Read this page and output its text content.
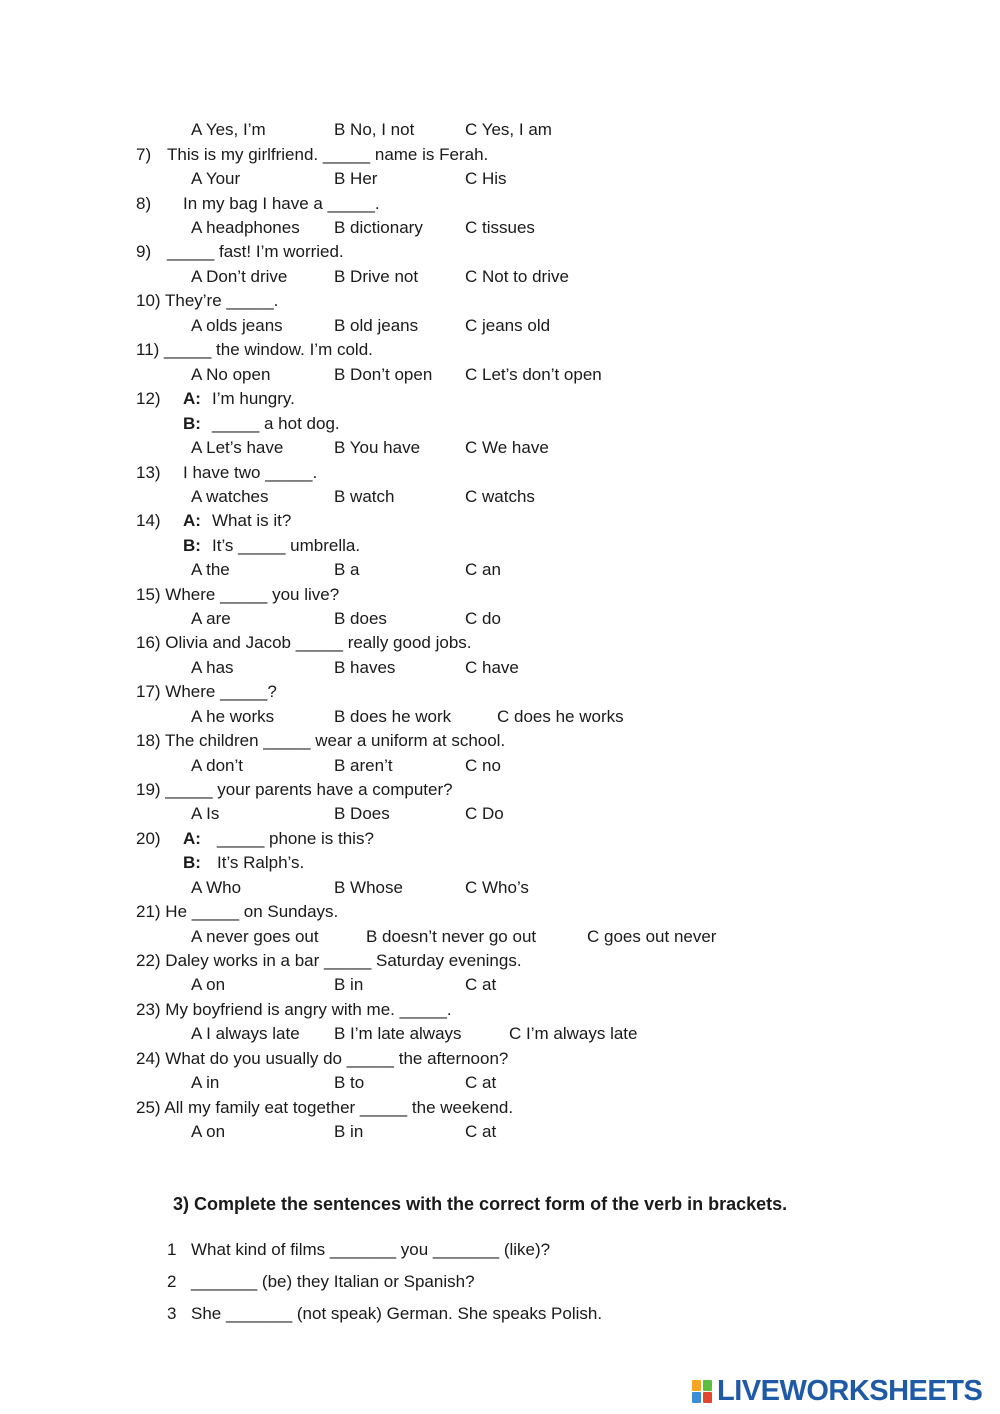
A Yes, I’m	B No, I not	C Yes, I am
7) This is my girlfriend. _____ name is Ferah.
A Your	B Her	C His
8) In my bag I have a _____.
A headphones B dictionary C tissues
9) _____ fast! I’m worried.
A Don’t drive	B Drive not	C Not to drive
10) They’re _____.
A olds jeans	B old jeans	C jeans old
11) _____ the window. I’m cold.
A No open	B Don’t open C Let’s don’t open
12) A: I’m hungry.
B: _____ a hot dog.
A Let’s have	B You have	C We have
13) I have two _____.
A watches	B watch	C watchs
14) A: What is it?
B: It’s _____ umbrella.
A the	B a	C an
15) Where _____ you live?
A are	B does	C do
16) Olivia and Jacob _____ really good jobs.
A has	B haves	C have
17) Where _____?
A he works	B does he work	C does he works
18) The children _____ wear a uniform at school.
A don’t	B aren’t	C no
19) _____ your parents have a computer?
A Is	B Does	C Do
20) A: _____ phone is this?
B: It’s Ralph’s.
A Who	B Whose	C Who’s
21) He _____ on Sundays.
A never goes out	B doesn’t never go out	C goes out never
22) Daley works in a bar _____ Saturday evenings.
A on	B in	C at
23) My boyfriend is angry with me. _____.
A I always late B I’m late always	C I’m always late
24) What do you usually do _____ the afternoon?
A in	B to	C at
25) All my family eat together _____ the weekend.
A on	B in	C at
3) Complete the sentences with the correct form of the verb in brackets.
1 What kind of films _______ you _______ (like)?
2 _______ (be) they Italian or Spanish?
3 She _______ (not speak) German. She speaks Polish.
LIVEWORKSHEETS
